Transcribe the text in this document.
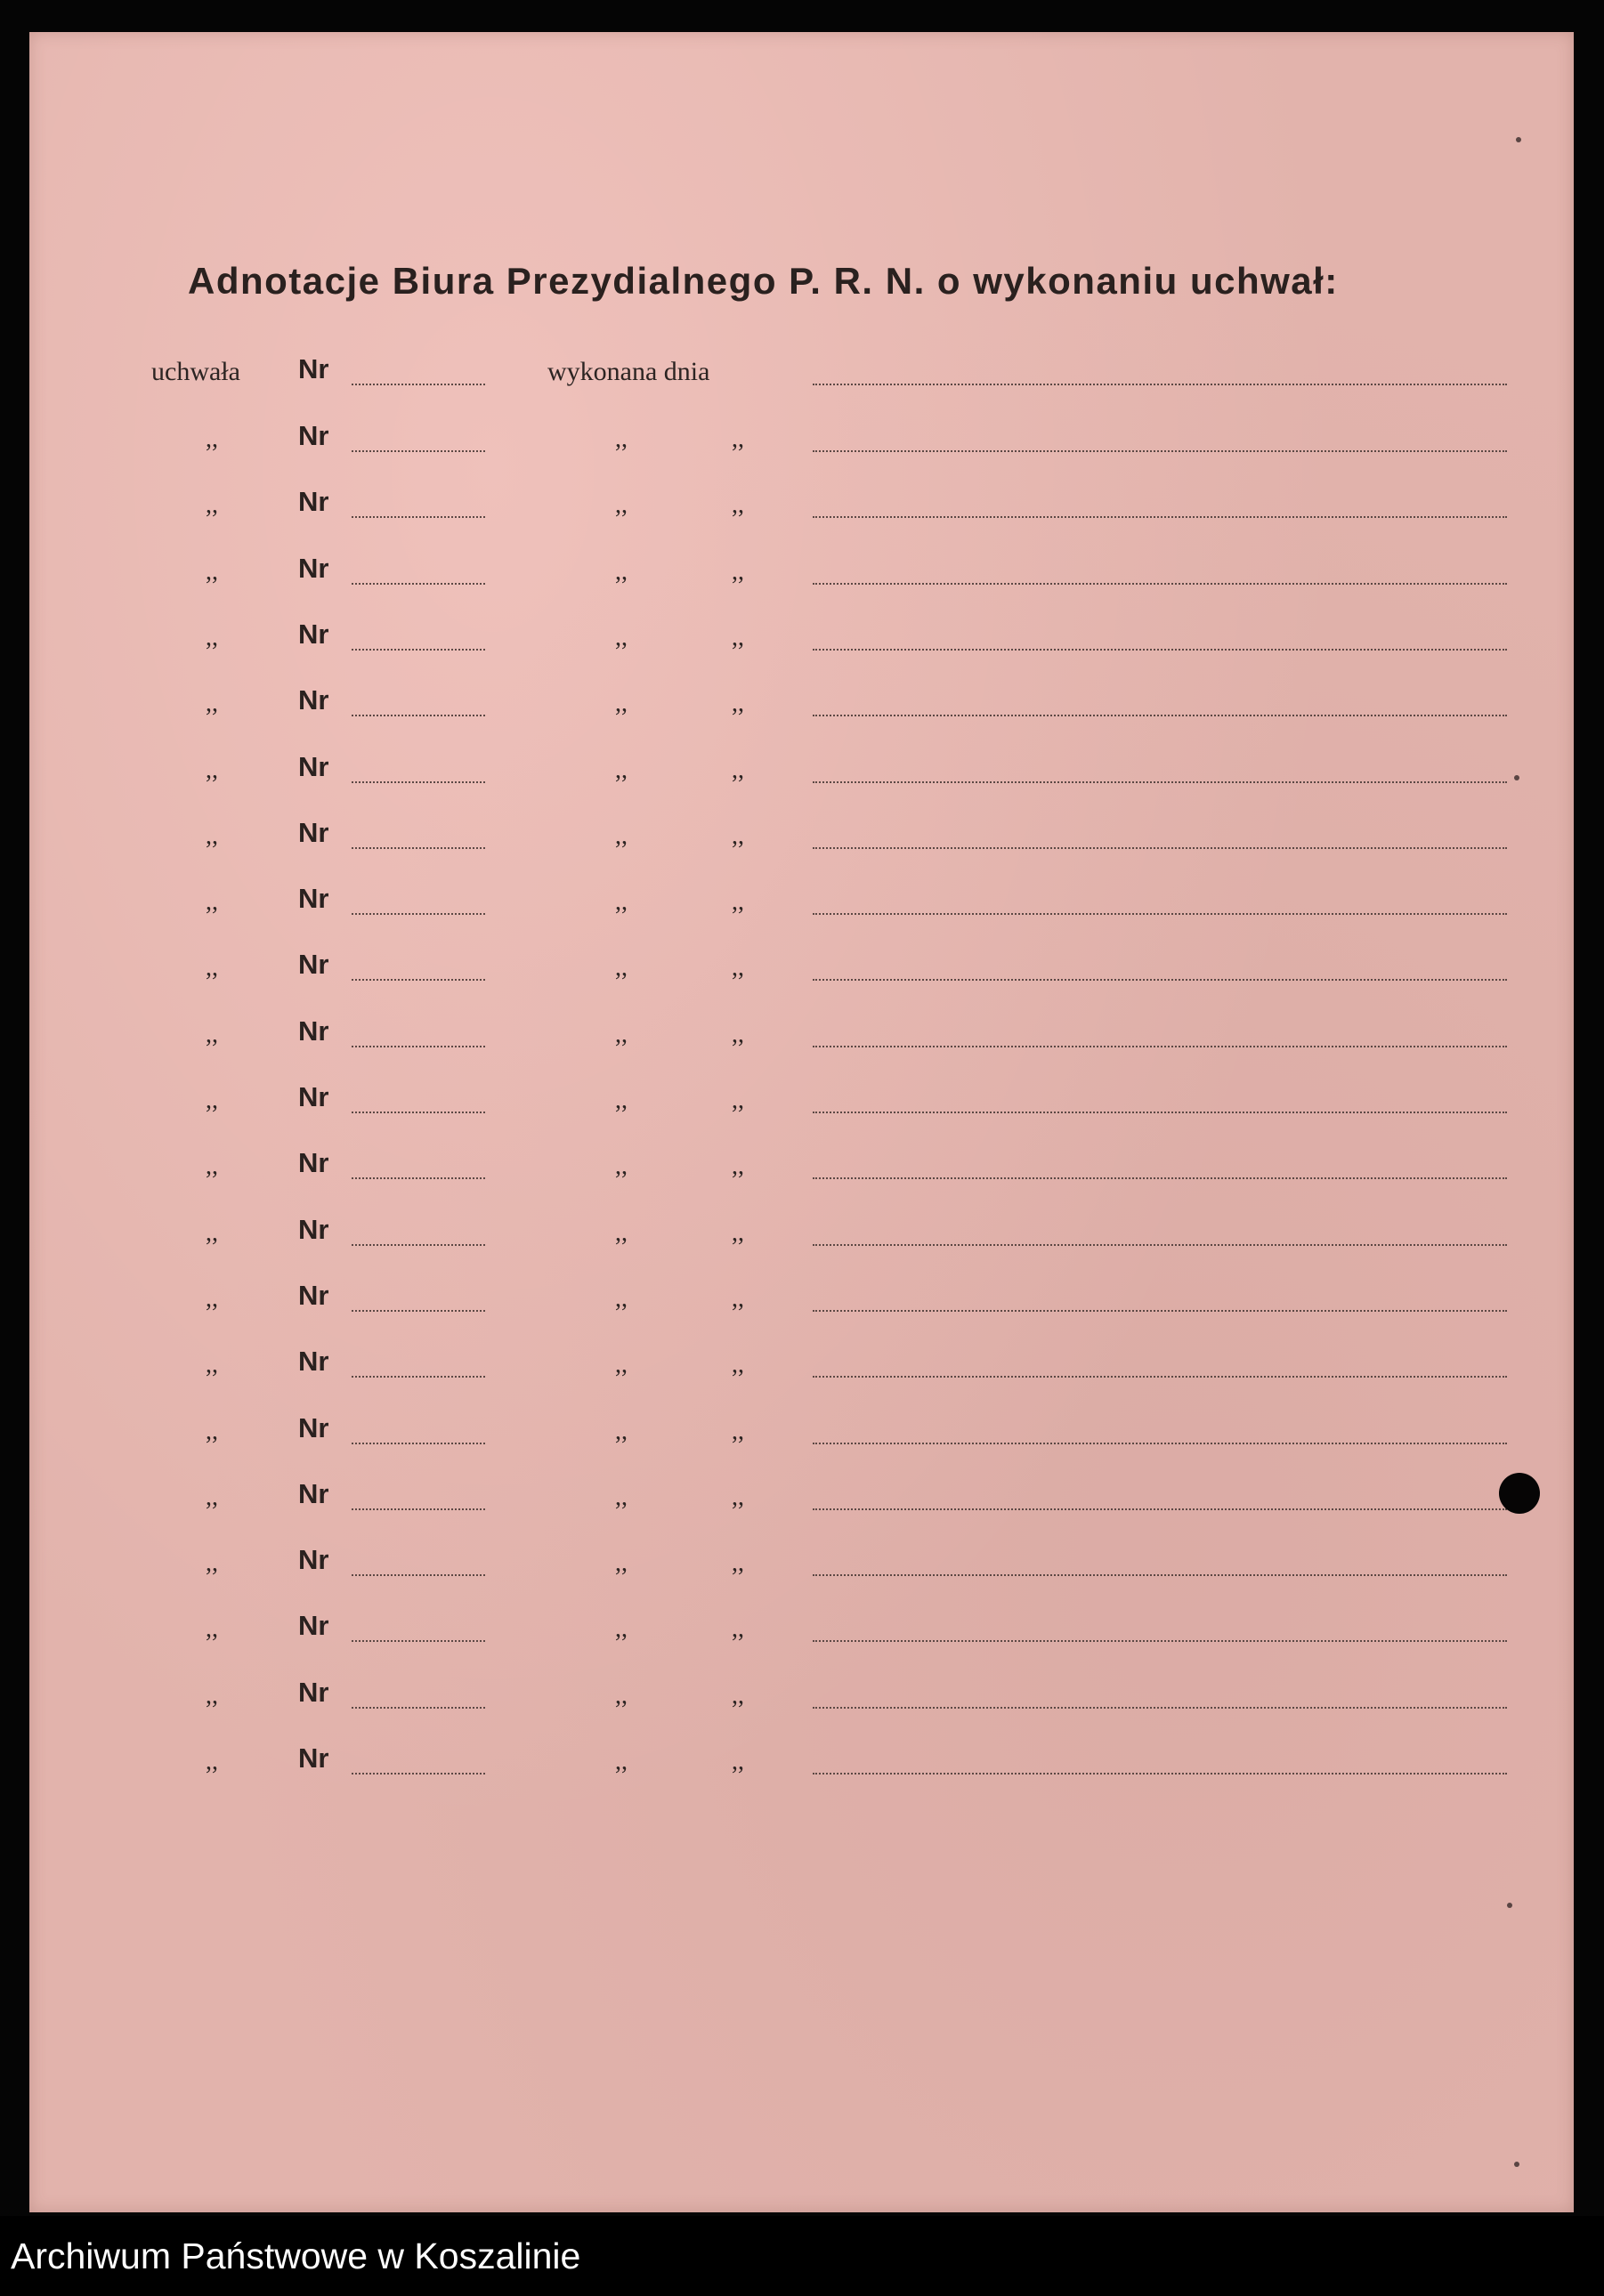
Adnotacje Biura Prezydialnego P. R. N. o wykonaniu uchwał:
uchwała Nr	wykonana dnia
,,	Nr	,,	,,
,,	Nr	,,	,,
,,	Nr	,,	,,
,,	Nr	,,	,,
,,	Nr	,,	,,
,,	Nr	,,	,,
,,	Nr	,,	,,
,,	Nr	,,	,,
,,	Nr	,,	,,
,,	Nr	,,	,,
,,	Nr	,,	,,
,,	Nr	,,	,,
,,	Nr	,,	,,
,,	Nr	,,	,,
,,	Nr	,,	,,
,,	Nr	,,	,,
,,	Nr	,,	,,
,,	Nr	,,	,,
,,	Nr	,,	,,
,,	Nr	,,	,,
,,	Nr	,,	,,
Archiwum Państwowe w Koszalinie
